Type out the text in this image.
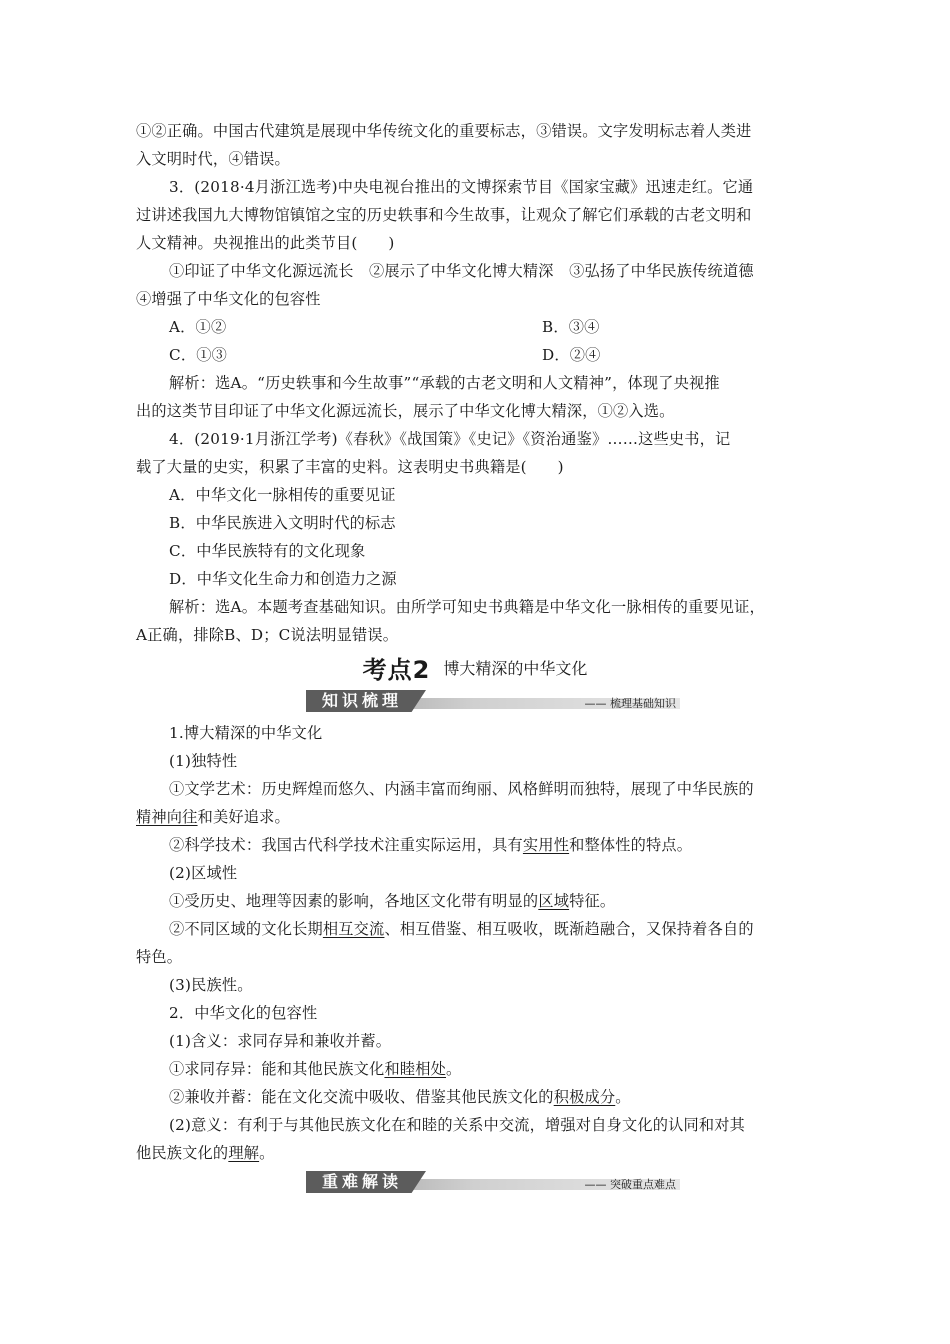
①②正确。中国古代建筑是展现中华传统文化的重要标志，③错误。文字发明标志着人类进
入文明时代，④错误。
3．(2018·4月浙江选考)中央电视台推出的文博探索节目《国家宝藏》迅速走红。它通
过讲述我国九大博物馆镇馆之宝的历史轶事和今生故事，让观众了解它们承载的古老文明和
人文精神。央视推出的此类节目(　　)
①印证了中华文化源远流长　②展示了中华文化博大精深　③弘扬了中华民族传统道德
④增强了中华文化的包容性
A．①②	B．③④
C．①③	D．②④
解析：选A。“历史轶事和今生故事”“承载的古老文明和人文精神”，体现了央视推
出的这类节目印证了中华文化源远流长，展示了中华文化博大精深，①②入选。
4．(2019·1月浙江学考)《春秋》《战国策》《史记》《资治通鉴》……这些史书，记
载了大量的史实，积累了丰富的史料。这表明史书典籍是(　　)
A．中华文化一脉相传的重要见证
B．中华民族进入文明时代的标志
C．中华民族特有的文化现象
D．中华文化生命力和创造力之源
解析：选A。本题考查基础知识。由所学可知史书典籍是中华文化一脉相传的重要见证，
A正确，排除B、D；C说法明显错误。
考点2 博大精深的中华文化
知识梳理	—— 梳理基础知识
1.博大精深的中华文化
(1)独特性
①文学艺术：历史辉煌而悠久、内涵丰富而绚丽、风格鲜明而独特，展现了中华民族的
精神向往和美好追求。
②科学技术：我国古代科学技术注重实际运用，具有实用性和整体性的特点。
(2)区域性
①受历史、地理等因素的影响，各地区文化带有明显的区域特征。
②不同区域的文化长期相互交流、相互借鉴、相互吸收，既渐趋融合，又保持着各自的
特色。
(3)民族性。
2．中华文化的包容性
(1)含义：求同存异和兼收并蓄。
①求同存异：能和其他民族文化和睦相处。
②兼收并蓄：能在文化交流中吸收、借鉴其他民族文化的积极成分。
(2)意义：有利于与其他民族文化在和睦的关系中交流，增强对自身文化的认同和对其
他民族文化的理解。
重难解读	—— 突破重点难点
